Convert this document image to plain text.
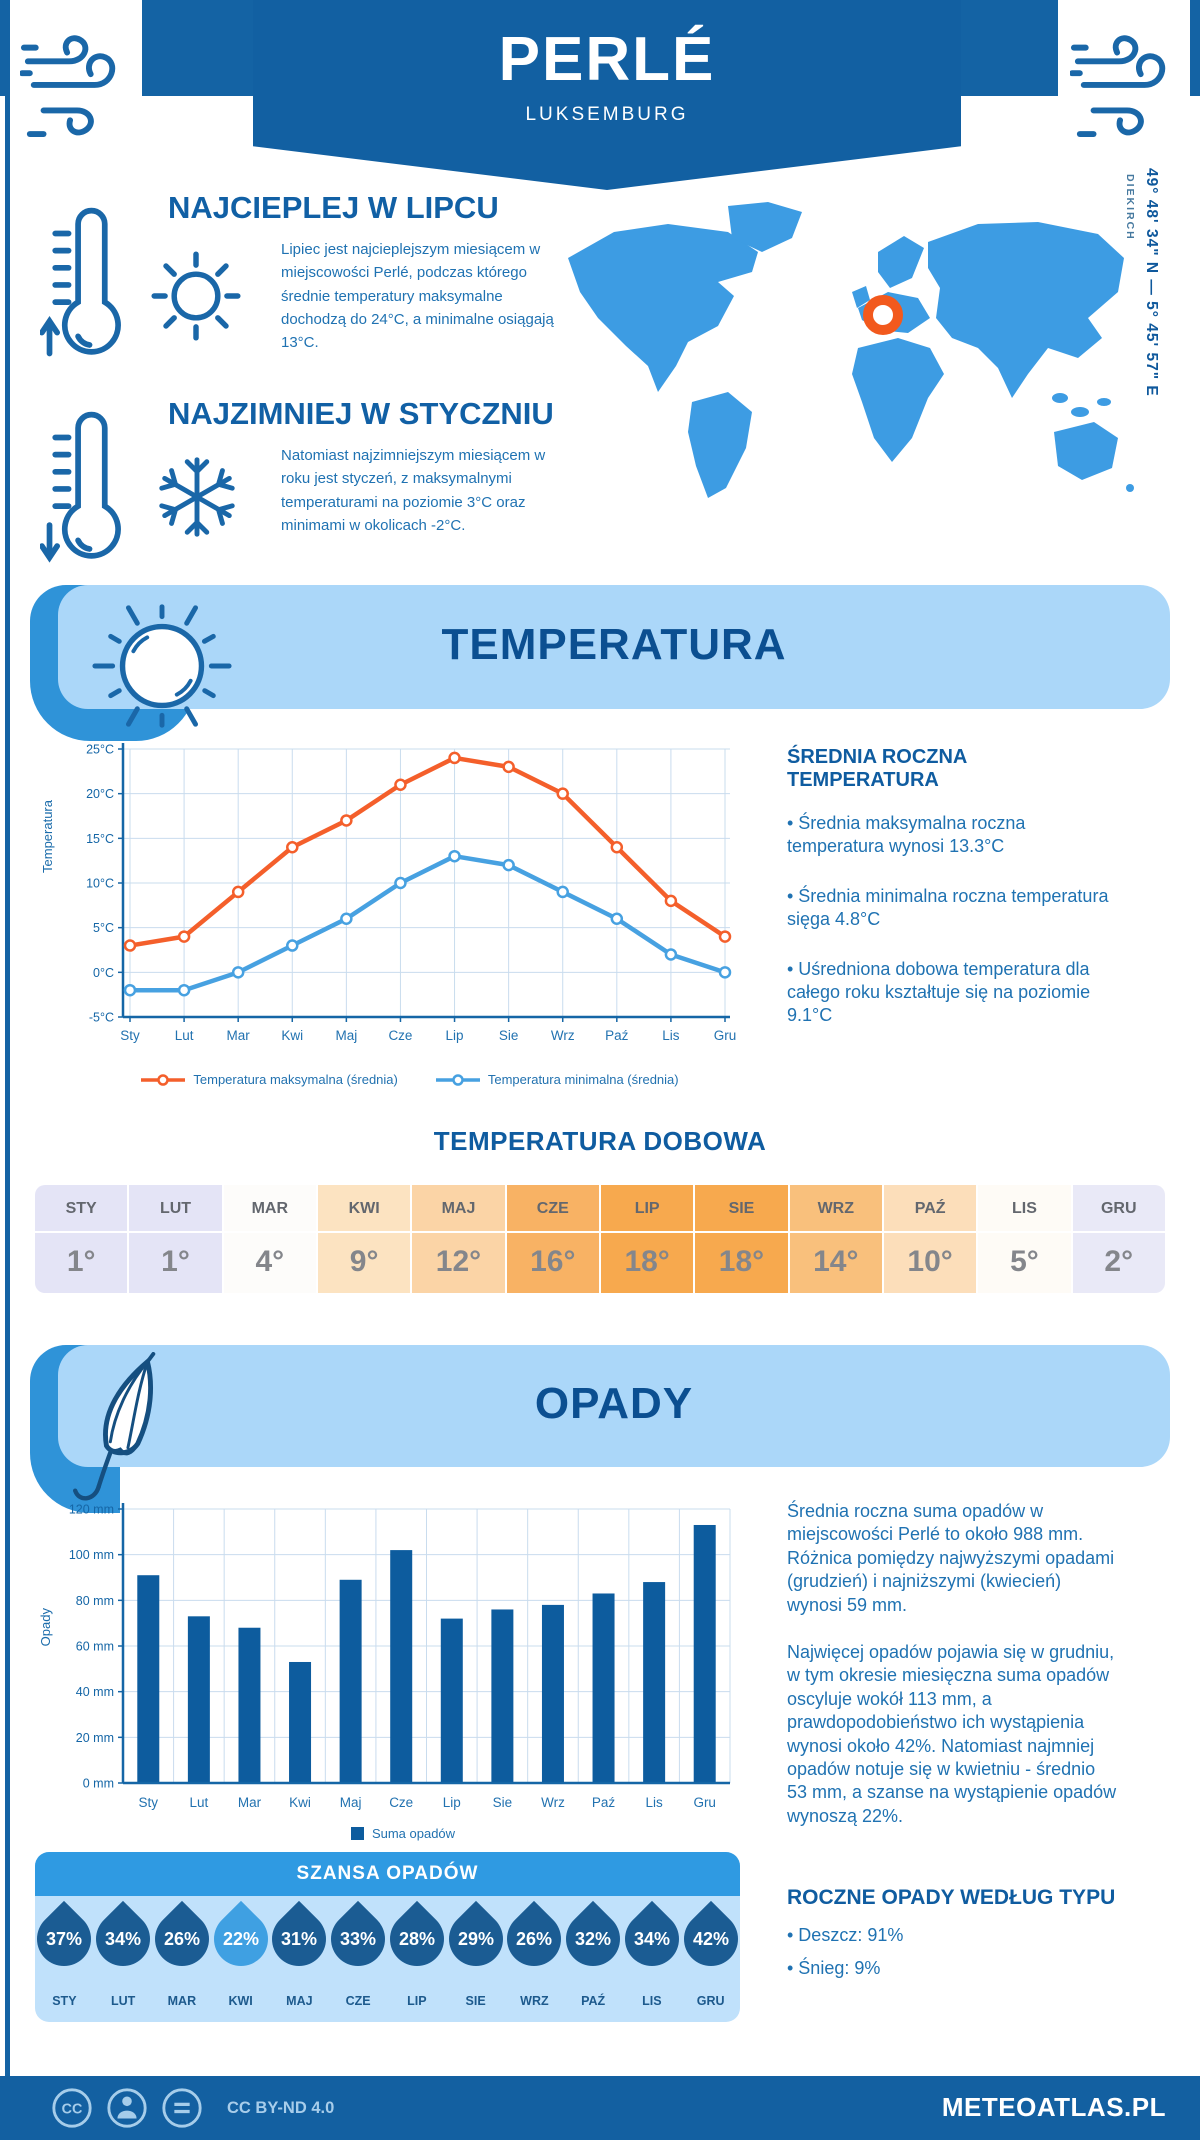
PERLÉ
LUKSEMBURG
NAJCIEPLEJ W LIPCU

Lipiec jest najcieplejszym miesiącem w miejscowości Perlé, podczas którego średnie temperatury maksymalne dochodzą do 24°C, a minimalne osiągają 13°C.

NAJZIMNIEJ W STYCZNIU

Natomiast najzimniejszym miesiącem w roku jest styczeń, z maksymalnymi temperaturami na poziomie 3°C oraz minimami w okolicach -2°C.

DIEKIRCH 49° 48' 34" N — 5° 45' 57" E
TEMPERATURA
Temperatura
-5°C
0°C
5°C
10°C
15°C
20°C
25°C
Sty	Lut Mar Kwi Maj Cze Lip	Sie Wrz Paź	Lis	Gru
Temperatura maksymalna (średnia)	Temperatura minimalna (średnia)
ŚREDNIA ROCZNA TEMPERATURA

• Średnia maksymalna roczna temperatura wynosi 13.3°C

• Średnia minimalna roczna temperatura sięga 4.8°C

• Uśredniona dobowa temperatura dla całego roku kształtuje się na poziomie 9.1°C

TEMPERATURA DOBOWA
STY
1°
LUT
1°
MAR
4°
KWI
9°
MAJ
12°
CZE
16°
LIP
18°
SIE
18°
WRZ
14°
PAŹ
10°
LIS
5°
GRU
2°
OPADY
Opady
0 mm
20 mm
40 mm
60 mm
80 mm
100 mm
120 mm
Sty Lut Mar Kwi Maj Cze Lip Sie Wrz Paź Lis Gru
Suma opadów

Średnia roczna suma opadów w miejscowości Perlé to około 988 mm. Różnica pomiędzy najwyższymi opadami (grudzień) i najniższymi (kwiecień) wynosi 59 mm.

Najwięcej opadów pojawia się w grudniu, w tym okresie miesięczna suma opadów oscyluje wokół 113 mm, a prawdopodobieństwo ich wystąpienia wynosi około 42%. Natomiast najmniej opadów notuje się w kwietniu - średnio 53 mm, a szanse na wystąpienie opadów wynoszą 22%.

ROCZNE OPADY WEDŁUG TYPU

• Deszcz: 91%

• Śnieg: 9%

SZANSA OPADÓW
37%
STY
34%
LUT
26%
MAR
22%
KWI
31%
MAJ
33%
CZE
28%
LIP
29%
SIE
26%
WRZ
32%
PAŹ
34%
LIS
42%
GRU
CC	CC BY-ND 4.0	METEOATLAS.PL
